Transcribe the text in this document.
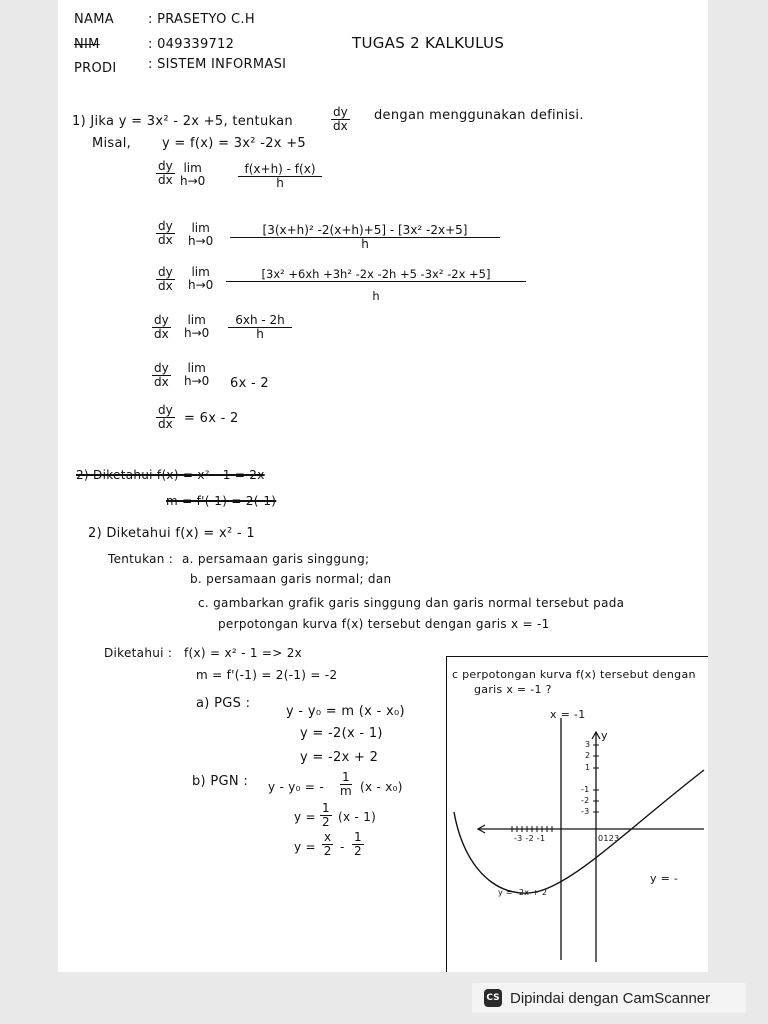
NAMA	: PRASETYO C.H
NIM	: 049339712
PRODI : SISTEM INFORMASI
TUGAS 2 KALKULUS
1) Jika y = 3x² - 2x +5, tentukan	$\frac{dy}{dx}$ dengan menggunakan definisi.
Misal, y = f(x) = 3x² -2x +5
$\frac{dy}{dx}$ lim
h→0	$\frac{f(x+h) - f(x)}{h}$
$\frac{dy}{dx}$ lim
$h\to 0 \frac{\text{[3(x+h)² -2(x+h)+5] - [3x² -2x+5]}}{h}$
$\frac{dy}{dx}$ lim
$h\to 0 \frac{\text{[3x² +6xh +3h² -2x -2h +5 -3x² -2x +5]}}{h}$
$\frac{dy}{dx}$ lim
$h\to 0 \frac{6xh - 2h}{h}$
$\frac{dy}{dx}$ lim
h→0 6x - 2
$\frac{dy}{dx} = 6x - 2$
2) Diketahui f(x) = x² - 1 = 2x
m = f'(-1) = 2(-1)
2) Diketahui f(x) = x² - 1
Tentukan : a. persamaan garis singgung;
b. persamaan garis normal; dan
c. gambarkan grafik garis singgung dan garis normal tersebut pada
perpotongan kurva f(x) tersebut dengan garis x = -1
Diketahui : f(x) = x² - 1 => 2x
m = f'(-1) = 2(-1) = -2
a) PGS :
y - y₀ = m (x - x₀)
y = -2(x - 1)
y = -2x + 2
b) PGN : y - y₀ = - $\frac{1}{m} (x - x_0)$
$y = \frac{1}{2} (x - 1)$
$y = \frac{x}{2} - \frac{1}{2}$
c perpotongan kurva f(x) tersebut dengan
garis x = -1 ?
x = -1
y
3
2
1
-1
-2
-3
-3 -2 -1	0123
y = -2x + 2
y = -
CS Dipindai dengan CamScanner
